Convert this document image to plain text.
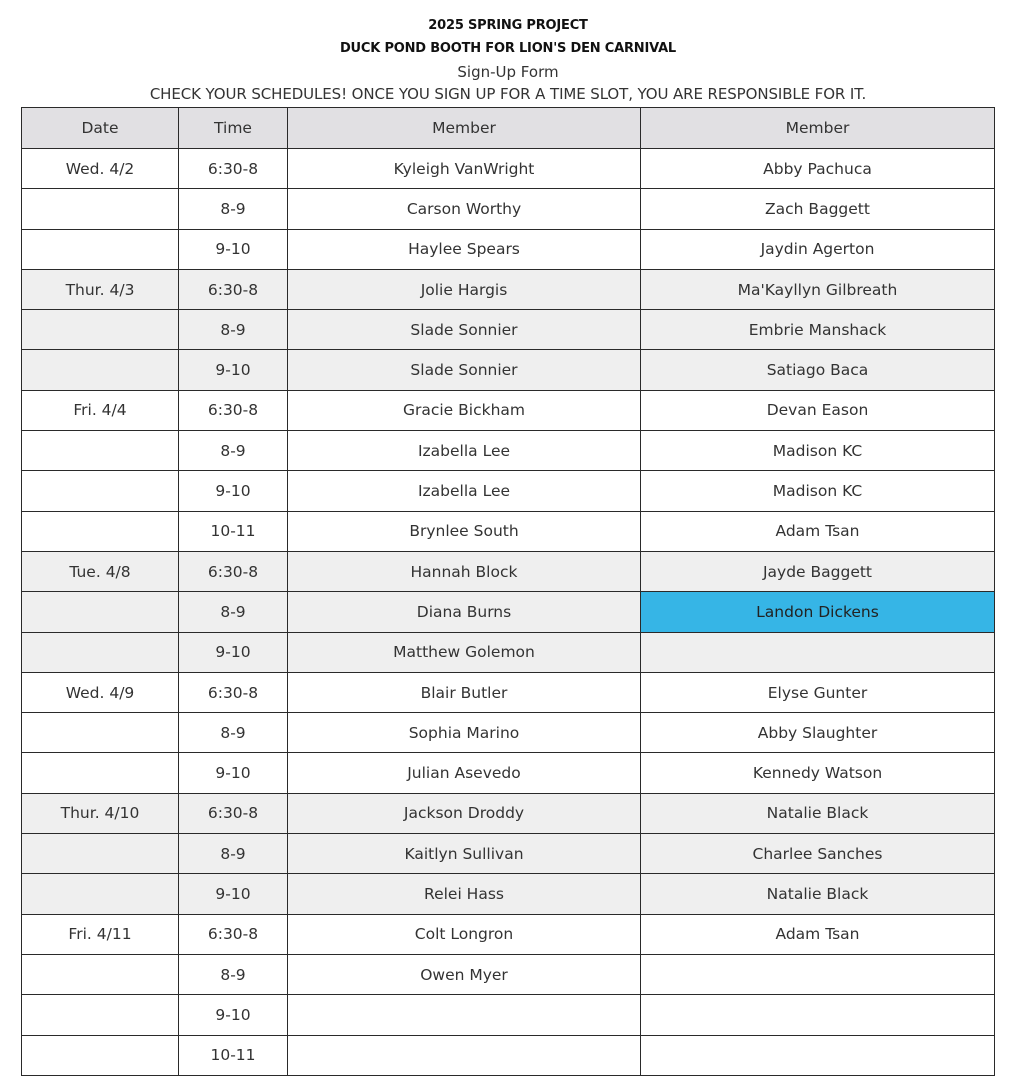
2025 SPRING PROJECT
DUCK POND BOOTH FOR LION'S DEN CARNIVAL
Sign-Up Form
CHECK YOUR SCHEDULES! ONCE YOU SIGN UP FOR A TIME SLOT, YOU ARE RESPONSIBLE FOR IT.
Date	Time	Member	Member
Wed. 4/2	6:30-8	Kyleigh VanWright	Abby Pachuca
	8-9	Carson Worthy	Zach Baggett
	9-10	Haylee Spears	Jaydin Agerton
Thur. 4/3	6:30-8	Jolie Hargis	Ma'Kayllyn Gilbreath
	8-9	Slade Sonnier	Embrie Manshack
	9-10	Slade Sonnier	Satiago Baca
Fri. 4/4	6:30-8	Gracie Bickham	Devan Eason
	8-9	Izabella Lee	Madison KC
	9-10	Izabella Lee	Madison KC
	10-11	Brynlee South	Adam Tsan
Tue. 4/8	6:30-8	Hannah Block	Jayde Baggett
	8-9	Diana Burns	Landon Dickens
	9-10	Matthew Golemon	
Wed. 4/9	6:30-8	Blair Butler	Elyse Gunter
	8-9	Sophia Marino	Abby Slaughter
	9-10	Julian Asevedo	Kennedy Watson
Thur. 4/10	6:30-8	Jackson Droddy	Natalie Black
	8-9	Kaitlyn Sullivan	Charlee Sanches
	9-10	Relei Hass	Natalie Black
Fri. 4/11	6:30-8	Colt Longron	Adam Tsan
	8-9	Owen Myer	
	9-10		
	10-11		
